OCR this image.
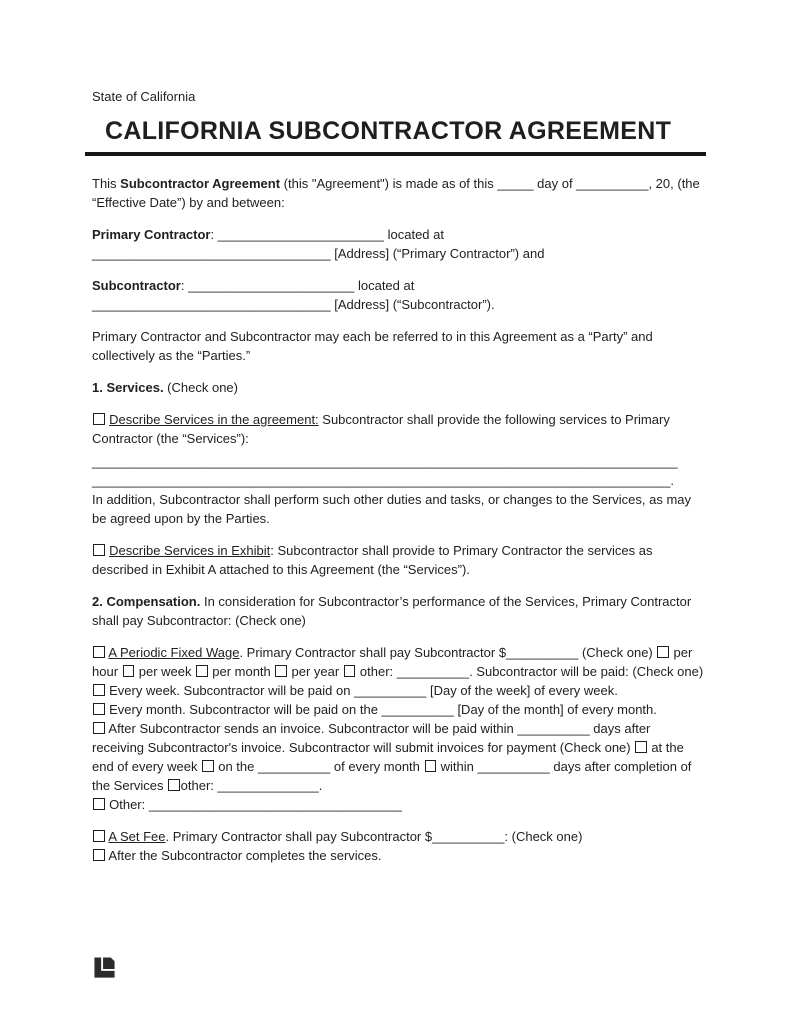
State of California
CALIFORNIA SUBCONTRACTOR AGREEMENT

This Subcontractor Agreement (this "Agreement") is made as of this _____ day of __________, 20, (the
“Effective Date”) by and between:

Primary Contractor: _______________________ located at
_________________________________ [Address] (“Primary Contractor”) and

Subcontractor: _______________________ located at
_________________________________ [Address] (“Subcontractor”).

Primary Contractor and Subcontractor may each be referred to in this Agreement as a “Party” and
collectively as the “Parties.”

1. Services. (Check one)

Describe Services in the agreement: Subcontractor shall provide the following services to Primary
Contractor (the “Services”):

_________________________________________________________________________________
________________________________________________________________________________.
In addition, Subcontractor shall perform such other duties and tasks, or changes to the Services, as may
be agreed upon by the Parties.

Describe Services in Exhibit: Subcontractor shall provide to Primary Contractor the services as
described in Exhibit A attached to this Agreement (the “Services”).

2. Compensation. In consideration for Subcontractor’s performance of the Services, Primary Contractor
shall pay Subcontractor: (Check one)

A Periodic Fixed Wage. Primary Contractor shall pay Subcontractor $__________ (Check one)  per
hour  per week  per month  per year  other: __________. Subcontractor will be paid: (Check one)
Every week. Subcontractor will be paid on __________ [Day of the week] of every week.
Every month. Subcontractor will be paid on the __________ [Day of the month] of every month.
After Subcontractor sends an invoice. Subcontractor will be paid within __________ days after
receiving Subcontractor's invoice. Subcontractor will submit invoices for payment (Check one)  at the
end of every week  on the __________ of every month  within __________ days after completion of
the Services other: ______________.
Other: ___________________________________

A Set Fee. Primary Contractor shall pay Subcontractor $__________: (Check one)
After the Subcontractor completes the services.
